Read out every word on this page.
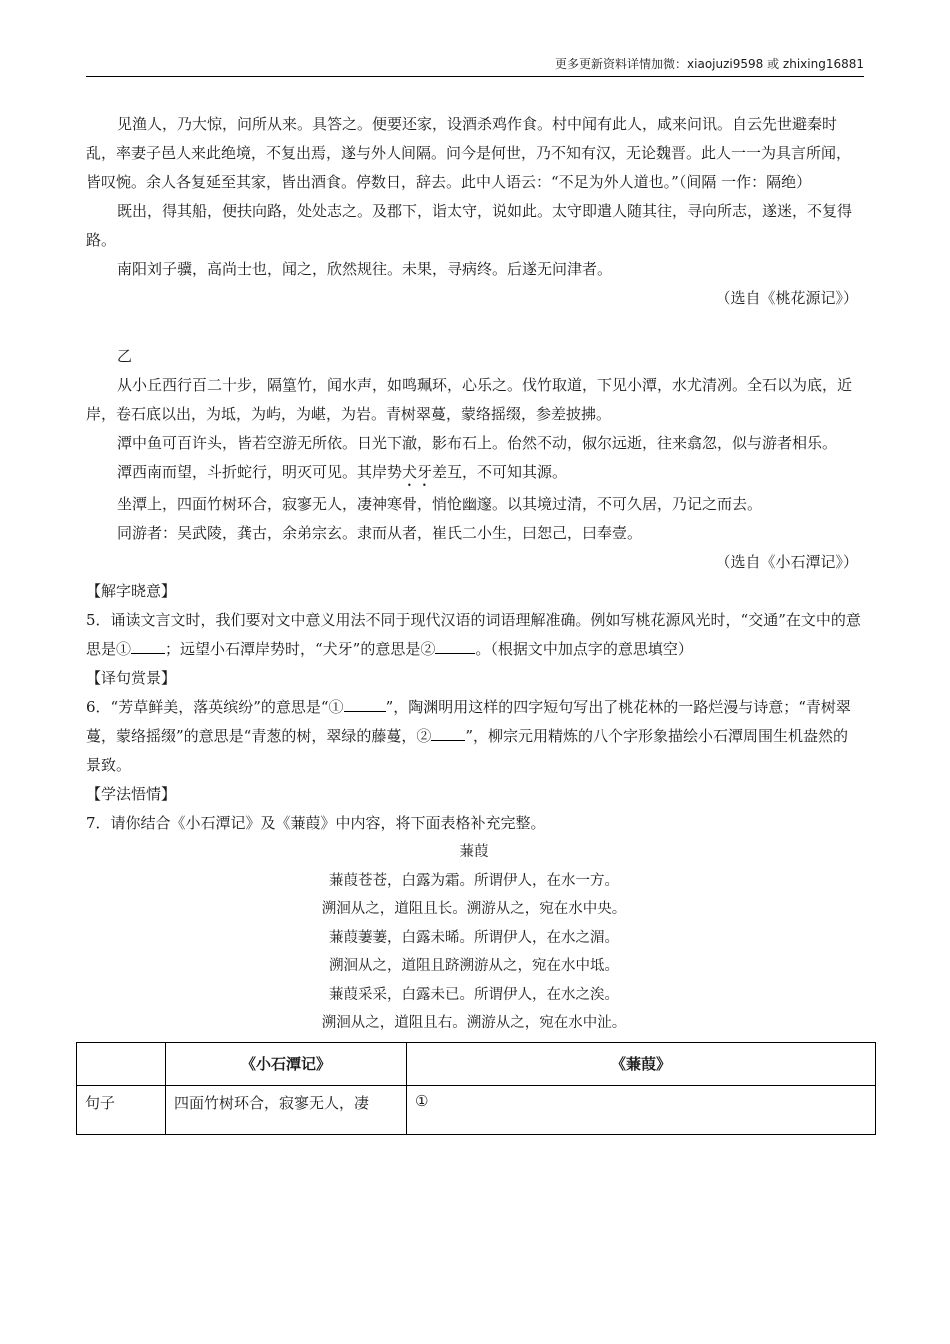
更多更新资料详情加微：xiaojuzi9598 或 zhixing16881

见渔人，乃大惊，问所从来。具答之。便要还家，设酒杀鸡作食。村中闻有此人，咸来问讯。自云先世避秦时乱，率妻子邑人来此绝境，不复出焉，遂与外人间隔。问今是何世，乃不知有汉，无论魏晋。此人一一为具言所闻，皆叹惋。余人各复延至其家，皆出酒食。停数日，辞去。此中人语云：“不足为外人道也。”（间隔 一作：隔绝）

既出，得其船，便扶向路，处处志之。及郡下，诣太守，说如此。太守即遣人随其往，寻向所志，遂迷，不复得路。

南阳刘子骥，高尚士也，闻之，欣然规往。未果，寻病终。后遂无问津者。

（选自《桃花源记》）

乙

从小丘西行百二十步，隔篁竹，闻水声，如鸣珮环，心乐之。伐竹取道，下见小潭，水尤清冽。全石以为底，近岸，卷石底以出，为坻，为屿，为嵁，为岩。青树翠蔓，蒙络摇缀，参差披拂。

潭中鱼可百许头，皆若空游无所依。日光下澈，影布石上。佁然不动，俶尔远逝，往来翕忽，似与游者相乐。

潭西南而望，斗折蛇行，明灭可见。其岸势犬牙差互，不可知其源。

坐潭上，四面竹树环合，寂寥无人，凄神寒骨，悄怆幽邃。以其境过清，不可久居，乃记之而去。

同游者：吴武陵，龚古，余弟宗玄。隶而从者，崔氏二小生，曰恕己，曰奉壹。

（选自《小石潭记》）

【解字晓意】

5．诵读文言文时，我们要对文中意义用法不同于现代汉语的词语理解准确。例如写桃花源风光时，“交通”在文中的意思是① ；远望小石潭岸势时，“犬牙”的意思是②	。（根据文中加点字的意思填空）

【译句赏景】

6．“芳草鲜美，落英缤纷”的意思是“①	”，陶渊明用这样的四字短句写出了桃花林的一路烂漫与诗意；“青树翠蔓，蒙络摇缀”的意思是“青葱的树，翠绿的藤蔓，② ”，柳宗元用精炼的八个字形象描绘小石潭周围生机盎然的景致。

【学法悟情】

7．请你结合《小石潭记》及《蒹葭》中内容，将下面表格补充完整。

蒹葭

蒹葭苍苍，白露为霜。所谓伊人，在水一方。

溯洄从之，道阻且长。溯游从之，宛在水中央。

蒹葭萋萋，白露未晞。所谓伊人，在水之湄。

溯洄从之，道阻且跻溯游从之，宛在水中坻。

蒹葭采采，白露未已。所谓伊人，在水之涘。

溯洄从之，道阻且右。溯游从之，宛在水中沚。

	《小石潭记》	《蒹葭》
句子	四面竹树环合，寂寥无人，凄	①
